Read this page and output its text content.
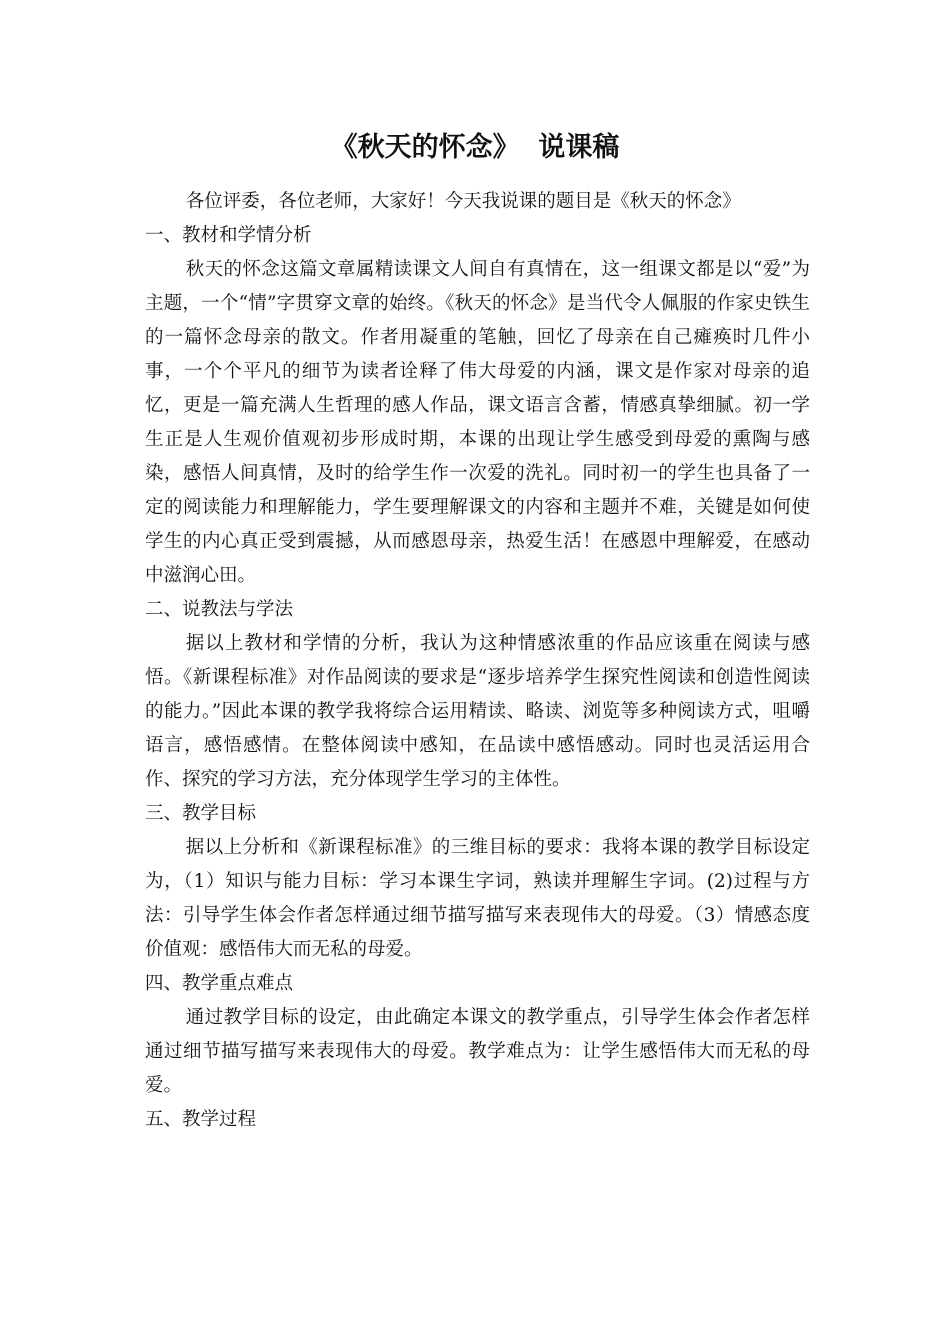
《秋天的怀念》  说课稿

各位评委，各位老师，大家好！今天我说课的题目是《秋天的怀念》

一、教材和学情分析

秋天的怀念这篇文章属精读课文人间自有真情在，这一组课文都是以“爱”为主题，一个“情”字贯穿文章的始终。《秋天的怀念》是当代令人佩服的作家史铁生的一篇怀念母亲的散文。作者用凝重的笔触，回忆了母亲在自己瘫痪时几件小事，一个个平凡的细节为读者诠释了伟大母爱的内涵，课文是作家对母亲的追忆，更是一篇充满人生哲理的感人作品，课文语言含蓄，情感真挚细腻。初一学生正是人生观价值观初步形成时期，本课的出现让学生感受到母爱的熏陶与感染，感悟人间真情，及时的给学生作一次爱的洗礼。同时初一的学生也具备了一定的阅读能力和理解能力，学生要理解课文的内容和主题并不难，关键是如何使学生的内心真正受到震撼，从而感恩母亲，热爱生活！在感恩中理解爱，在感动中滋润心田。

二、说教法与学法

据以上教材和学情的分析，我认为这种情感浓重的作品应该重在阅读与感悟。《新课程标准》对作品阅读的要求是“逐步培养学生探究性阅读和创造性阅读的能力。”因此本课的教学我将综合运用精读、略读、浏览等多种阅读方式，咀嚼语言，感悟感情。在整体阅读中感知，在品读中感悟感动。同时也灵活运用合作、探究的学习方法，充分体现学生学习的主体性。

三、教学目标

据以上分析和《新课程标准》的三维目标的要求：我将本课的教学目标设定为，（1）知识与能力目标：学习本课生字词，熟读并理解生字词。(2)过程与方法：引导学生体会作者怎样通过细节描写描写来表现伟大的母爱。（3）情感态度价值观：感悟伟大而无私的母爱。

四、教学重点难点

通过教学目标的设定，由此确定本课文的教学重点，引导学生体会作者怎样通过细节描写描写来表现伟大的母爱。教学难点为：让学生感悟伟大而无私的母爱。

五、教学过程
